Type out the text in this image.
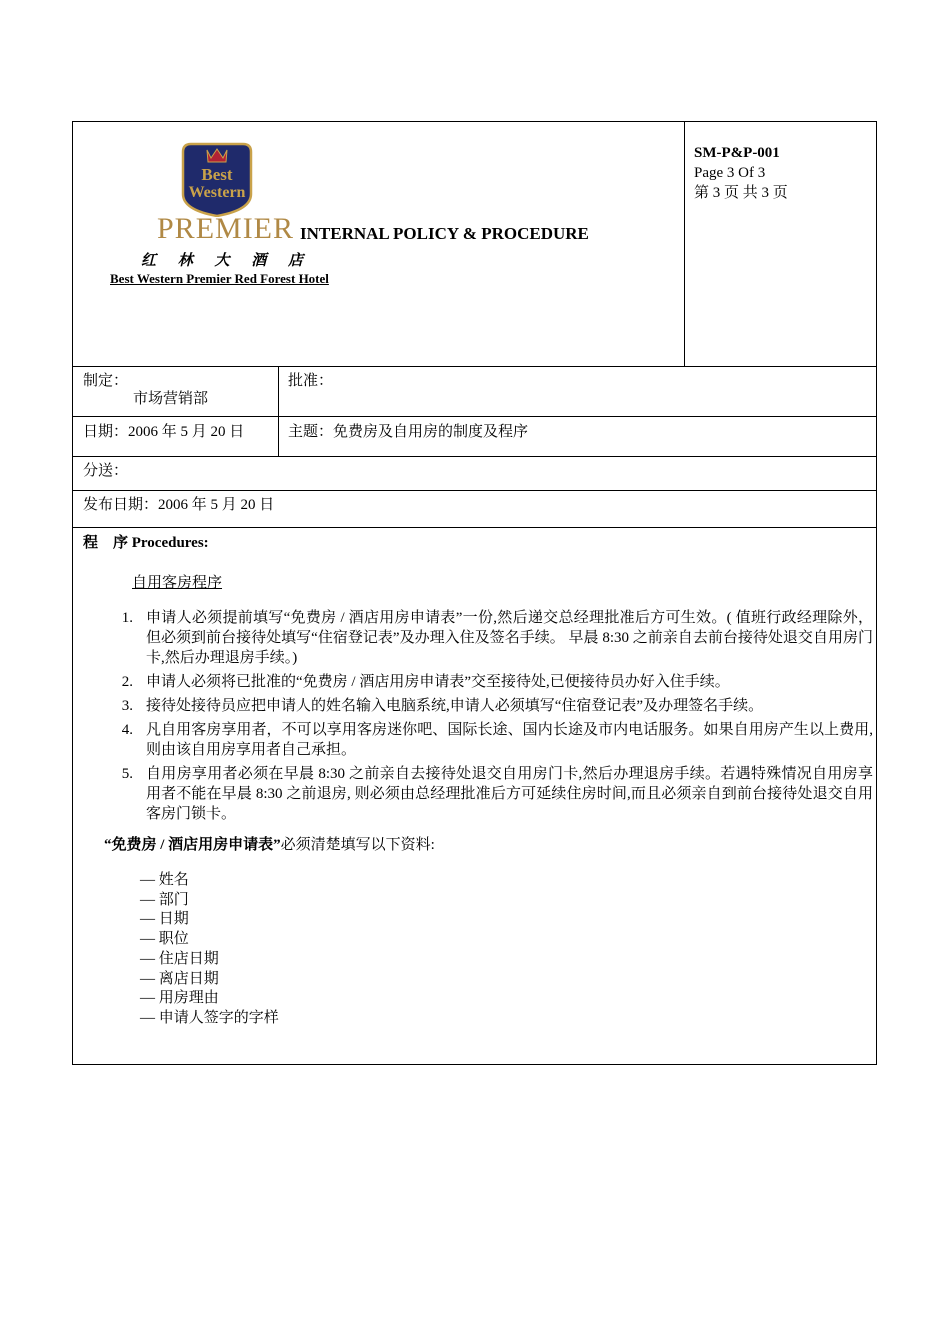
Best
Western
PREMIER
红 林 大 酒 店
Best Western Premier Red Forest Hotel
INTERNAL POLICY & PROCEDURE
SM-P&P-001
Page 3 Of 3
第 3 页 共 3 页
制定：
市场营销部
批准：
日期：2006 年 5 月 20 日	主题：免费房及自用房的制度及程序
分送：
发布日期：2006 年 5 月 20 日
程　序 Procedures:
自用客房程序
1. 申请人必须提前填写“免费房 / 酒店用房申请表”一份,然后递交总经理批准后方可生效。( 值班行政经理除外， 但必须到前台接待处填写“住宿登记表”及办理入住及签名手续。 早晨 8:30 之前亲自去前台接待处退交自用房门卡,然后办理退房手续。)
2. 申请人必须将已批准的“免费房 / 酒店用房申请表”交至接待处,已便接待员办好入住手续。
3. 接待处接待员应把申请人的姓名输入电脑系统,申请人必须填写“住宿登记表”及办理签名手续。
4. 凡自用客房享用者，不可以享用客房迷你吧、国际长途、国内长途及市内电话服务。如果自用房产生以上费用, 则由该自用房享用者自己承担。
5. 自用房享用者必须在早晨 8:30 之前亲自去接待处退交自用房门卡,然后办理退房手续。若遇特殊情况自用房享用者不能在早晨 8:30 之前退房, 则必须由总经理批准后方可延续住房时间,而且必须亲自到前台接待处退交自用客房门锁卡。
“免费房 / 酒店用房申请表”必须清楚填写以下资料:
— 姓名
— 部门
— 日期
— 职位
— 住店日期
— 离店日期
— 用房理由
— 申请人签字的字样
